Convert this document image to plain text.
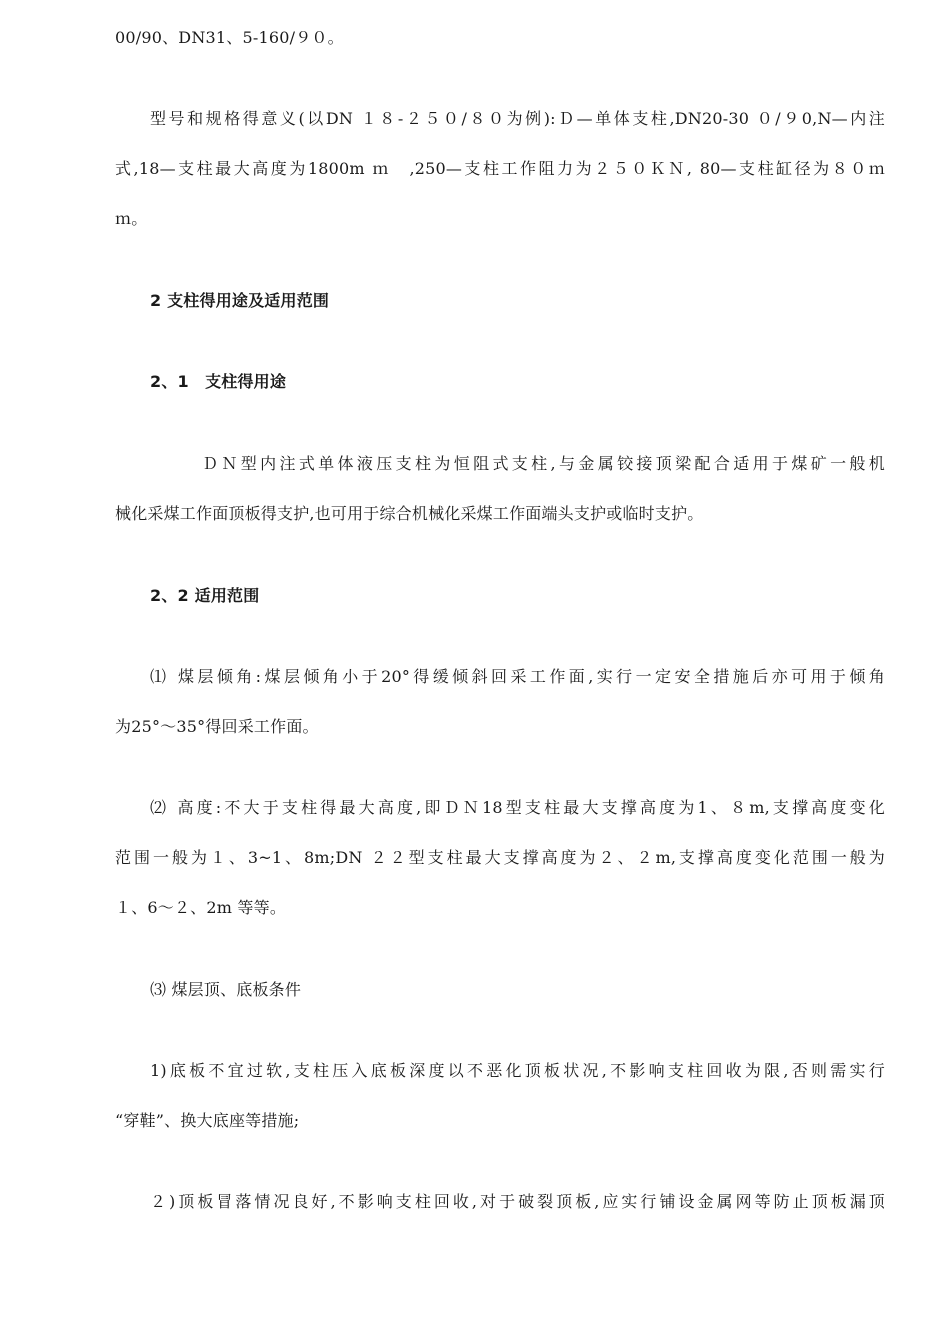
00/90、DN31、5-160/９０。
型号和规格得意义(以DN １８-２５０/８０为例):Ｄ—单体支柱,DN20-30 ０/９0,N—内注
式,18—支柱最大高度为1800m ｍ　,250—支柱工作阻力为２５０ＫＮ, 80—支柱缸径为８０ｍ
ｍ。
2 支柱得用途及适用范围
2、1　支柱得用途
ＤＮ型内注式单体液压支柱为恒阻式支柱,与金属铰接顶梁配合适用于煤矿一般机
械化采煤工作面顶板得支护,也可用于综合机械化采煤工作面端头支护或临时支护。
2、2 适用范围
⑴ 煤层倾角:煤层倾角小于20°得缓倾斜回采工作面,实行一定安全措施后亦可用于倾角
为25°～35°得回采工作面。
⑵ 高度:不大于支柱得最大高度,即ＤＮ18型支柱最大支撑高度为1、８m,支撑高度变化
范围一般为１、3~1、8m;DN ２２型支柱最大支撑高度为２、２m,支撑高度变化范围一般为
１、6～２、2m 等等。
⑶ 煤层顶、底板条件
1)底板不宜过软,支柱压入底板深度以不恶化顶板状况,不影响支柱回收为限,否则需实行
“穿鞋”、换大底座等措施;
２)顶板冒落情况良好,不影响支柱回收,对于破裂顶板,应实行铺设金属网等防止顶板漏顶
